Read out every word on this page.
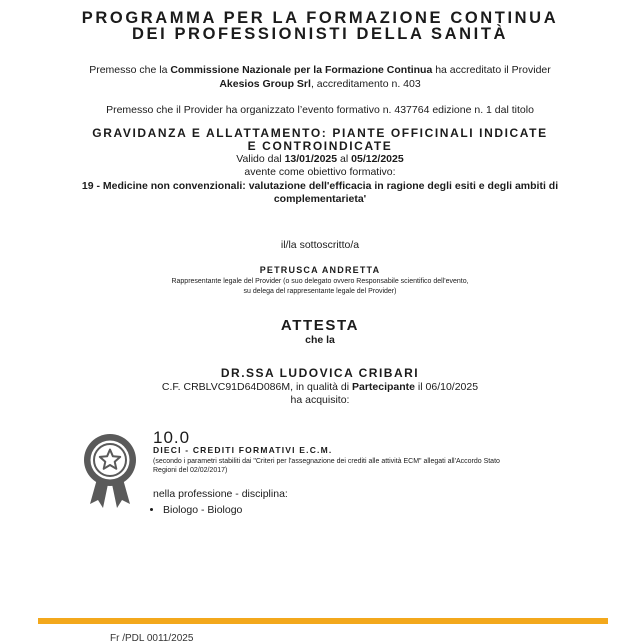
PROGRAMMA PER LA FORMAZIONE CONTINUA
DEI PROFESSIONISTI DELLA SANITÀ
Premesso che la Commissione Nazionale per la Formazione Continua ha accreditato il Provider
Akesios Group Srl, accreditamento n. 403
Premesso che il Provider ha organizzato l’evento formativo n. 437764 edizione n. 1 dal titolo
GRAVIDANZA E ALLATTAMENTO: PIANTE OFFICINALI INDICATE
E CONTROINDICATE
Valido dal 13/01/2025 al 05/12/2025
avente come obiettivo formativo:
19 - Medicine non convenzionali: valutazione dell'efficacia in ragione degli esiti e degli ambiti di
complementarieta'
il/la sottoscritto/a
PETRUSCA ANDRETTA
Rappresentante legale del Provider (o suo delegato ovvero Responsabile scientifico dell'evento,
su delega del rappresentante legale del Provider)
ATTESTA
che la
DR.SSA LUDOVICA CRIBARI
C.F. CRBLVC91D64D086M, in qualità di Partecipante il 06/10/2025
ha acquisito:
10.0
DIECI - CREDITI FORMATIVI E.C.M.
(secondo i parametri stabiliti dai "Criteri per l'assegnazione dei crediti alle attività ECM" allegati all'Accordo Stato
Regioni del 02/02/2017)
nella professione - disciplina:
• Biologo - Biologo
Fr /PDL 0011/2025
